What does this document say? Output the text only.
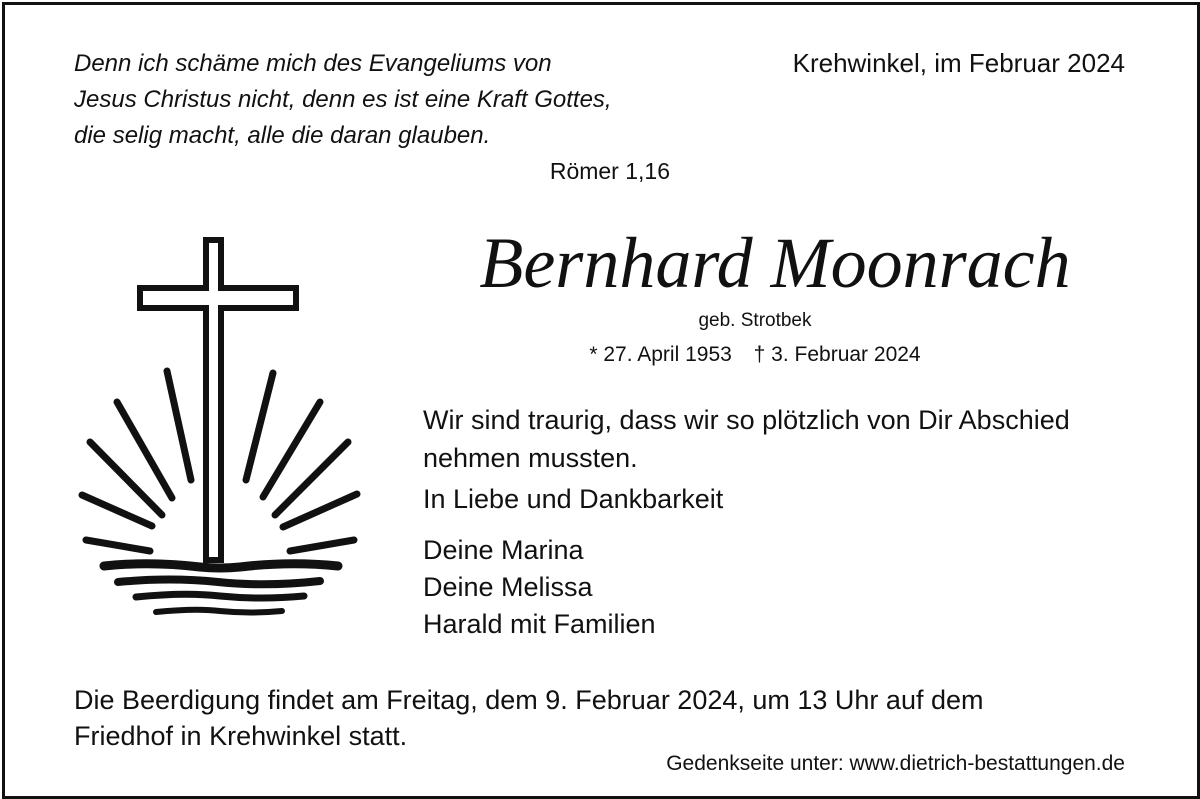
Denn ich schäme mich des Evangeliums von
Jesus Christus nicht, denn es ist eine Kraft Gottes,
die selig macht, alle die daran glauben.
Römer 1,16
Krehwinkel, im Februar 2024
Bernhard Moonrach
geb. Strotbek
* 27. April 1953 † 3. Februar 2024
Wir sind traurig, dass wir so plötzlich von Dir Abschied
nehmen mussten.
In Liebe und Dankbarkeit
Deine Marina
Deine Melissa
Harald mit Familien
Die Beerdigung findet am Freitag, dem 9. Februar 2024, um 13 Uhr auf dem
Friedhof in Krehwinkel statt.
Gedenkseite unter: www.dietrich-bestattungen.de
